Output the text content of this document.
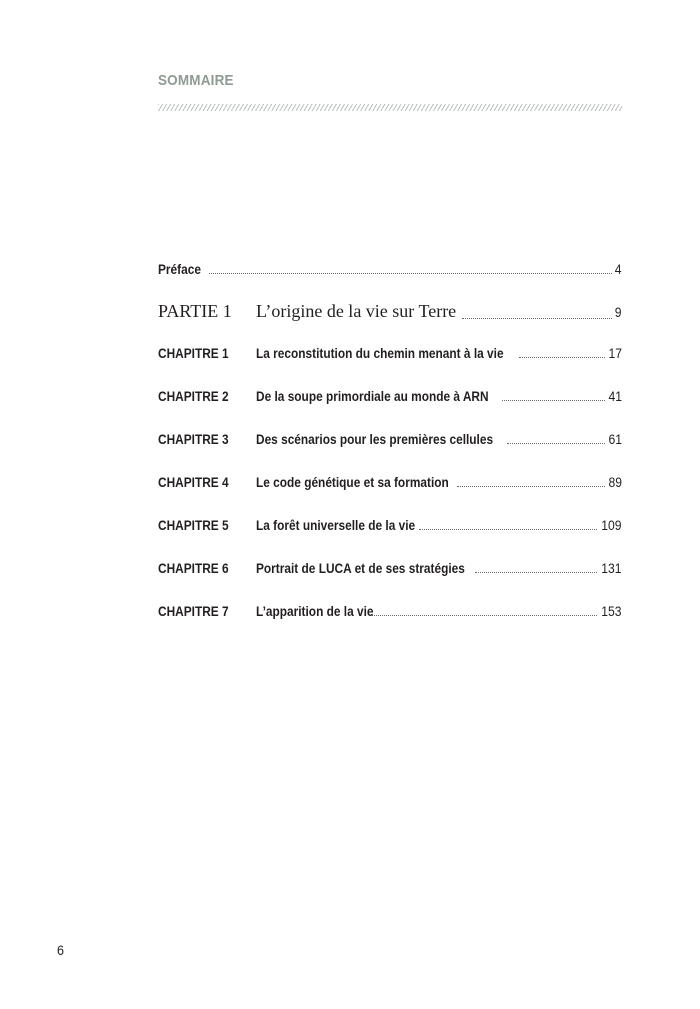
SOMMAIRE
Préface	4
PARTIE 1	L’origine de la vie sur Terre	9
CHAPITRE 1	La reconstitution du chemin menant à la vie	17
CHAPITRE 2	De la soupe primordiale au monde à ARN	41
CHAPITRE 3	Des scénarios pour les premières cellules	61
CHAPITRE 4	Le code génétique et sa formation	89
CHAPITRE 5	La forêt universelle de la vie	109
CHAPITRE 6	Portrait de LUCA et de ses stratégies	131
CHAPITRE 7	L’apparition de la vie	153
6
